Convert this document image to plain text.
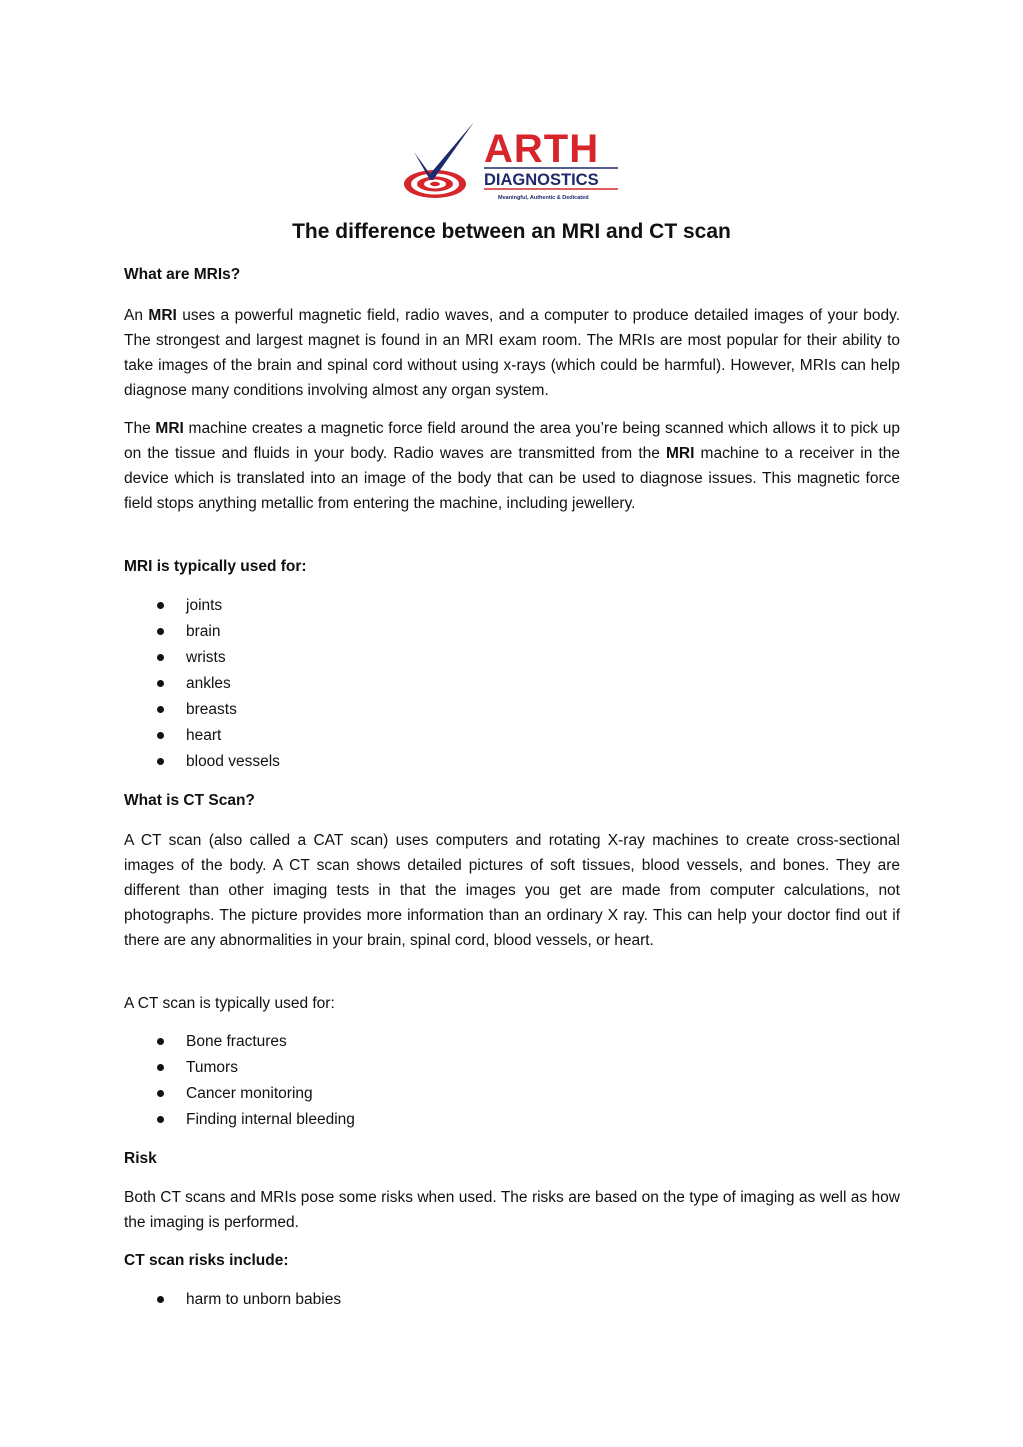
ARTH
DIAGNOSTICS
Meaningful, Authentic & Dedicated
The difference between an MRI and CT scan
What are MRIs?

An MRI uses a powerful magnetic field, radio waves, and a computer to produce detailed images of your body. The strongest and largest magnet is found in an MRI exam room. The MRIs are most popular for their ability to take images of the brain and spinal cord without using x-rays (which could be harmful). However, MRIs can help diagnose many conditions involving almost any organ system.

The MRI machine creates a magnetic force field around the area you’re being scanned which allows it to pick up on the tissue and fluids in your body. Radio waves are transmitted from the MRI machine to a receiver in the device which is translated into an image of the body that can be used to diagnose issues. This magnetic force field stops anything metallic from entering the machine, including jewellery.

MRI is typically used for:
joints
brain
wrists
ankles
breasts
heart
blood vessels
What is CT Scan?

A CT scan (also called a CAT scan) uses computers and rotating X-ray machines to create cross-sectional images of the body. A CT scan shows detailed pictures of soft tissues, blood vessels, and bones. They are different than other imaging tests in that the images you get are made from computer calculations, not photographs. The picture provides more information than an ordinary X ray. This can help your doctor find out if there are any abnormalities in your brain, spinal cord, blood vessels, or heart.

A CT scan is typically used for:

Bone fractures
Tumors
Cancer monitoring
Finding internal bleeding
Risk

Both CT scans and MRIs pose some risks when used. The risks are based on the type of imaging as well as how the imaging is performed.

CT scan risks include:
harm to unborn babies
